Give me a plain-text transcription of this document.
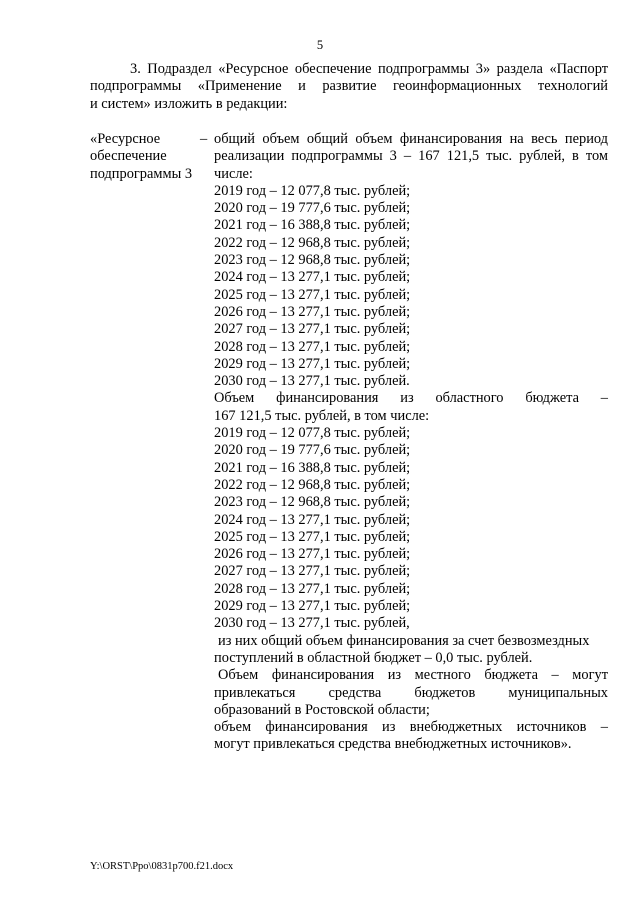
5
3. Подраздел «Ресурсное обеспечение подпрограммы 3» раздела «Паспорт
подпрограммы «Применение и развитие геоинформационных технологий
и систем» изложить в редакции:
«Ресурсное
обеспечение
подпрограммы 3
– общий объем общий объем финансирования на весь период
реализации подпрограммы 3 – 167 121,5 тыс. рублей, в том
числе:
2019 год – 12 077,8 тыс. рублей;
2020 год – 19 777,6 тыс. рублей;
2021 год – 16 388,8 тыс. рублей;
2022 год – 12 968,8 тыс. рублей;
2023 год – 12 968,8 тыс. рублей;
2024 год – 13 277,1 тыс. рублей;
2025 год – 13 277,1 тыс. рублей;
2026 год – 13 277,1 тыс. рублей;
2027 год – 13 277,1 тыс. рублей;
2028 год – 13 277,1 тыс. рублей;
2029 год – 13 277,1 тыс. рублей;
2030 год – 13 277,1 тыс. рублей.
Объем финансирования из областного бюджета –
167 121,5 тыс. рублей, в том числе:
2019 год – 12 077,8 тыс. рублей;
2020 год – 19 777,6 тыс. рублей;
2021 год – 16 388,8 тыс. рублей;
2022 год – 12 968,8 тыс. рублей;
2023 год – 12 968,8 тыс. рублей;
2024 год – 13 277,1 тыс. рублей;
2025 год – 13 277,1 тыс. рублей;
2026 год – 13 277,1 тыс. рублей;
2027 год – 13 277,1 тыс. рублей;
2028 год – 13 277,1 тыс. рублей;
2029 год – 13 277,1 тыс. рублей;
2030 год – 13 277,1 тыс. рублей,
из них общий объем финансирования за счет безвозмездных
поступлений в областной бюджет – 0,0 тыс. рублей.
Объем финансирования из местного бюджета – могут
привлекаться средства бюджетов муниципальных
образований в Ростовской области;
объем финансирования из внебюджетных источников –
могут привлекаться средства внебюджетных источников».
Y:\ORST\Ppo\0831p700.f21.docx
